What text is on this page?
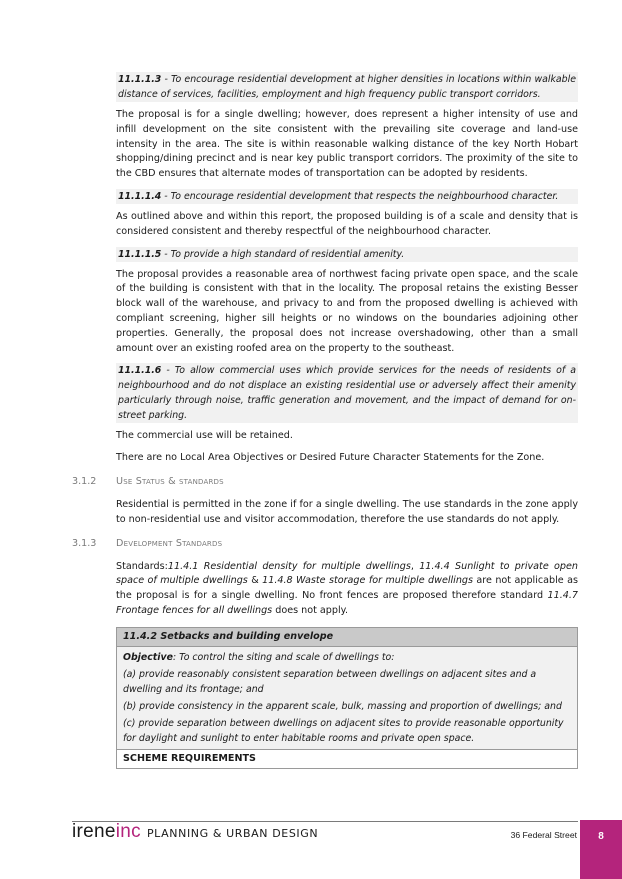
11.1.1.3 - To encourage residential development at higher densities in locations within walkable distance of services, facilities, employment and high frequency public transport corridors.

The proposal is for a single dwelling; however, does represent a higher intensity of use and infill development on the site consistent with the prevailing site coverage and land-use intensity in the area. The site is within reasonable walking distance of the key North Hobart shopping/dining precinct and is near key public transport corridors. The proximity of the site to the CBD ensures that alternate modes of transportation can be adopted by residents.

11.1.1.4 - To encourage residential development that respects the neighbourhood character.

As outlined above and within this report, the proposed building is of a scale and density that is considered consistent and thereby respectful of the neighbourhood character.

11.1.1.5 - To provide a high standard of residential amenity.

The proposal provides a reasonable area of northwest facing private open space, and the scale of the building is consistent with that in the locality. The proposal retains the existing Besser block wall of the warehouse, and privacy to and from the proposed dwelling is achieved with compliant screening, higher sill heights or no windows on the boundaries adjoining other properties. Generally, the proposal does not increase overshadowing, other than a small amount over an existing roofed area on the property to the southeast.

11.1.1.6 - To allow commercial uses which provide services for the needs of residents of a neighbourhood and do not displace an existing residential use or adversely affect their amenity particularly through noise, traffic generation and movement, and the impact of demand for on-street parking.

The commercial use will be retained.

There are no Local Area Objectives or Desired Future Character Statements for the Zone.

3.1.2 Use Status & standards

Residential is permitted in the zone if for a single dwelling. The use standards in the zone apply to non-residential use and visitor accommodation, therefore the use standards do not apply.

3.1.3 Development Standards

Standards:11.4.1 Residential density for multiple dwellings, 11.4.4 Sunlight to private open space of multiple dwellings & 11.4.8 Waste storage for multiple dwellings are not applicable as the proposal is for a single dwelling. No front fences are proposed therefore standard 11.4.7 Frontage fences for all dwellings does not apply.

11.4.2 Setbacks and building envelope
Objective: To control the siting and scale of dwellings to:
(a) provide reasonably consistent separation between dwellings on adjacent sites and a dwelling and its frontage; and
(b) provide consistency in the apparent scale, bulk, massing and proportion of dwellings; and
(c) provide separation between dwellings on adjacent sites to provide reasonable opportunity for daylight and sunlight to enter habitable rooms and private open space.
SCHEME REQUIREMENTS
irene inc PLANNING & URBAN DESIGN	36 Federal Street	8
